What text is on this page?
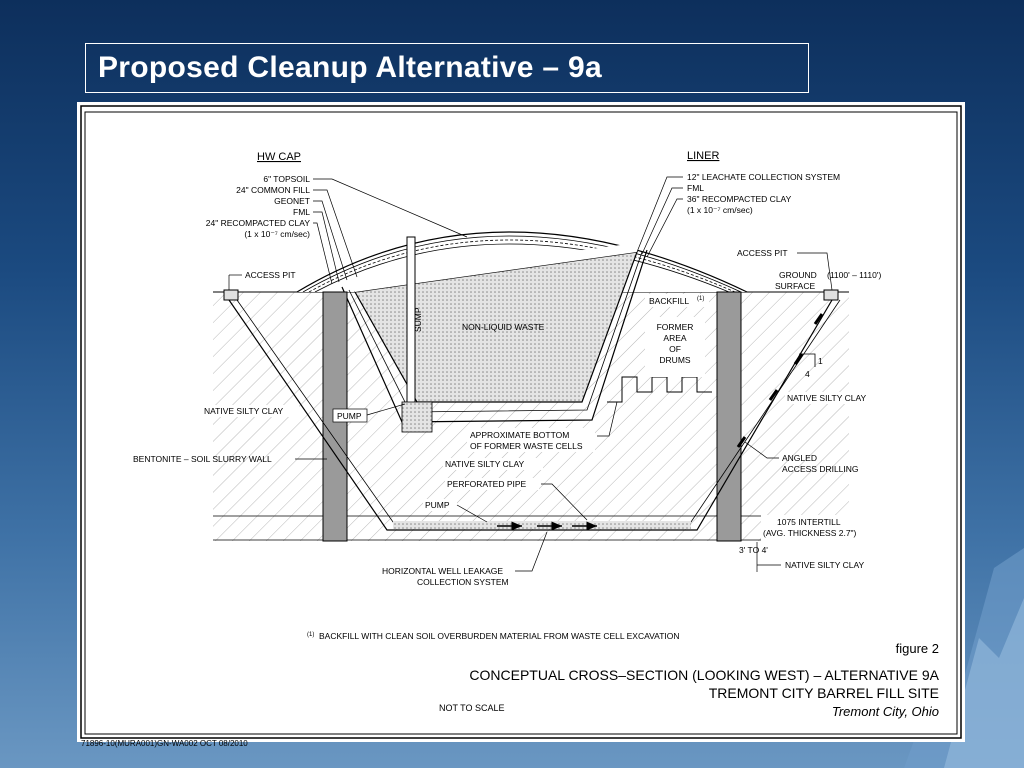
Proposed Cleanup Alternative – 9a
HW CAP
6" TOPSOIL
24" COMMON FILL
GEONET
FML
24" RECOMPACTED CLAY
(1 x 10⁻⁷ cm/sec)
LINER
12" LEACHATE COLLECTION SYSTEM
FML
36" RECOMPACTED CLAY
(1 x 10⁻⁷ cm/sec)
ACCESS PIT
ACCESS PIT
GROUND
SURFACE
(1100' – 1110')
SUMP	NON-LIQUID WASTE
BACKFILL (1)
FORMER
AREA
OF
DRUMS
NATIVE SILTY CLAY
NATIVE SILTY CLAY
NATIVE SILTY CLAY
PUMP
BENTONITE – SOIL SLURRY WALL
APPROXIMATE BOTTOM
OF FORMER WASTE CELLS
PERFORATED PIPE
PUMP
ANGLED
ACCESS DRILLING
1
4
1075 INTERTILL
(AVG. THICKNESS 2.7")
3' TO 4'
NATIVE SILTY CLAY
HORIZONTAL WELL LEAKAGE
COLLECTION SYSTEM
(1) BACKFILL WITH CLEAN SOIL OVERBURDEN MATERIAL FROM WASTE CELL EXCAVATION
figure 2
CONCEPTUAL CROSS–SECTION (LOOKING WEST) – ALTERNATIVE 9A
TREMONT CITY BARREL FILL SITE
Tremont City, Ohio
NOT TO SCALE
71896-10(MURA001)GN-WA002 OCT 08/2010
